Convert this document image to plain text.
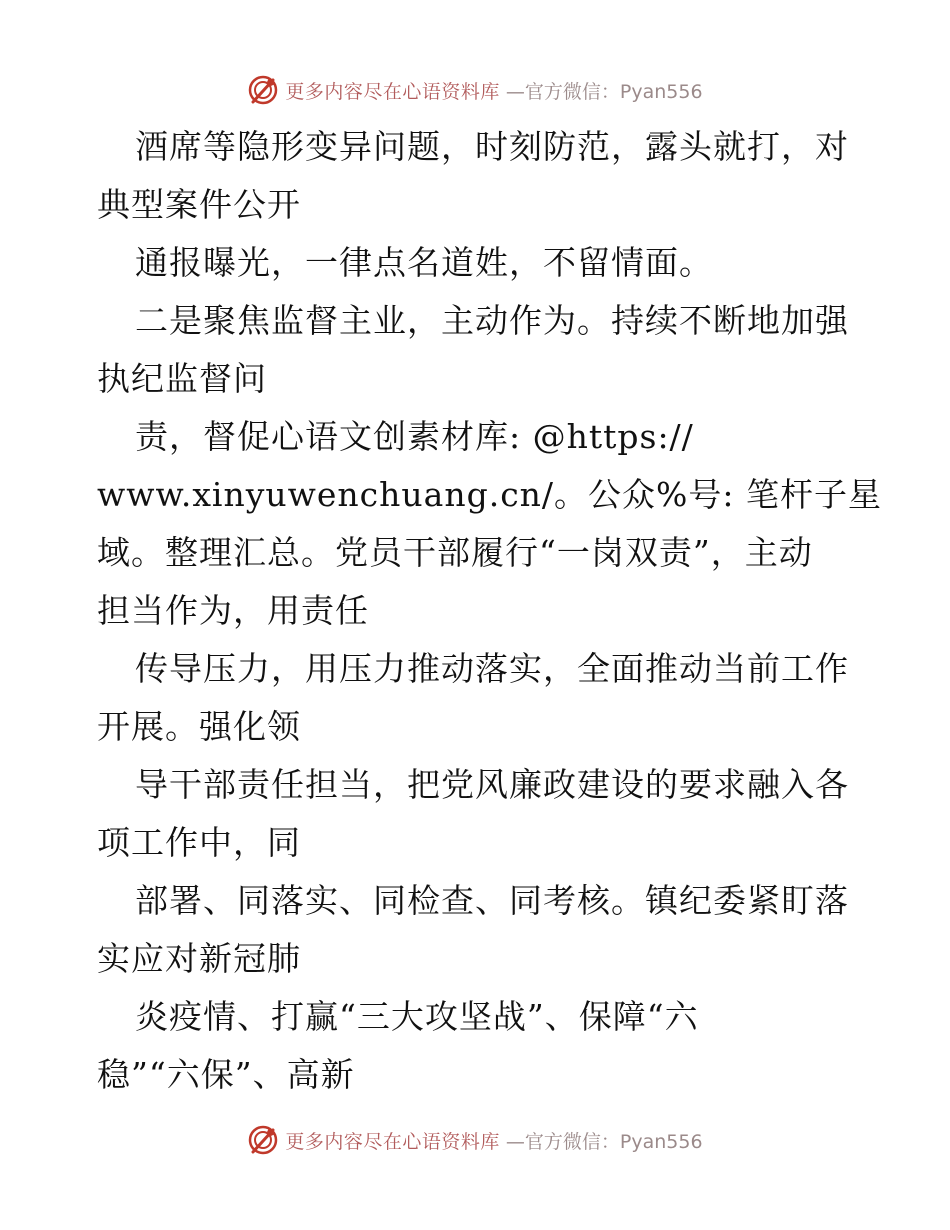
更多内容尽在心语资料库 —官方微信：Pyan556
酒席等隐形变异问题，时刻防范，露头就打，对
典型案件公开
通报曝光，一律点名道姓，不留情面。
二是聚焦监督主业，主动作为。持续不断地加强
执纪监督问
责，督促心语文创素材库: @https://
www.xinyuwenchuang.cn/。公众%号: 笔杆子星
域。整理汇总。党员干部履行“一岗双责”，主动
担当作为，用责任
传导压力，用压力推动落实，全面推动当前工作
开展。强化领
导干部责任担当，把党风廉政建设的要求融入各
项工作中，同
部署、同落实、同检查、同考核。镇纪委紧盯落
实应对新冠肺
炎疫情、打赢“三大攻坚战”、保障“六
稳”“六保”、高新
更多内容尽在心语资料库 —官方微信：Pyan556
